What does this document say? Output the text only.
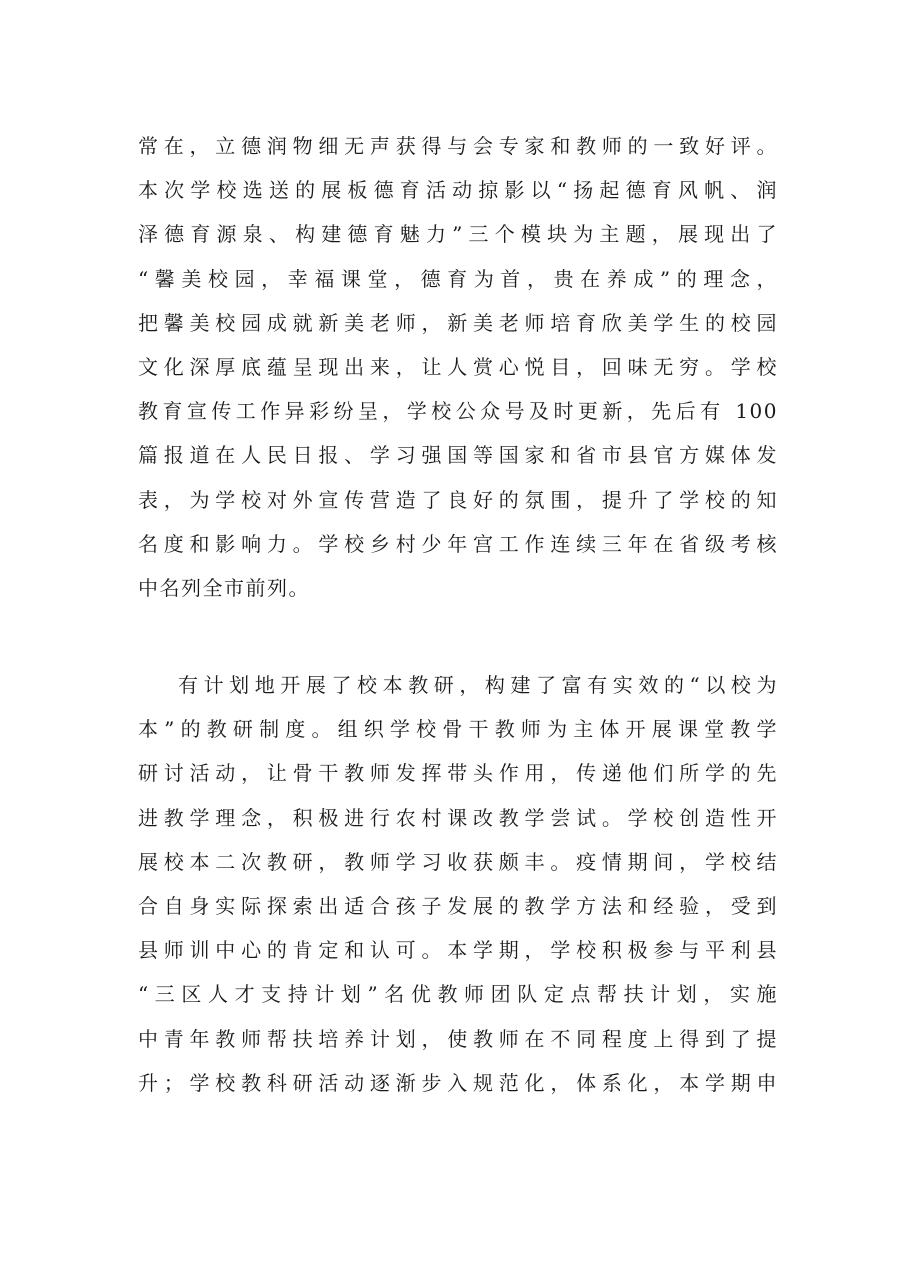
常在，立德润物细无声获得与会专家和教师的一致好评。
本次学校选送的展板德育活动掠影以“扬起德育风帆、润
泽德育源泉、构建德育魅力”三个模块为主题，展现出了
“馨美校园，幸福课堂，德育为首，贵在养成”的理念，
把馨美校园成就新美老师，新美老师培育欣美学生的校园
文化深厚底蕴呈现出来，让人赏心悦目，回味无穷。学校
教育宣传工作异彩纷呈，学校公众号及时更新，先后有 100
篇报道在人民日报、学习强国等国家和省市县官方媒体发
表，为学校对外宣传营造了良好的氛围，提升了学校的知
名度和影响力。学校乡村少年宫工作连续三年在省级考核
中名列全市前列。
有计划地开展了校本教研，构建了富有实效的“以校为
本”的教研制度。组织学校骨干教师为主体开展课堂教学
研讨活动，让骨干教师发挥带头作用，传递他们所学的先
进教学理念，积极进行农村课改教学尝试。学校创造性开
展校本二次教研，教师学习收获颇丰。疫情期间，学校结
合自身实际探索出适合孩子发展的教学方法和经验，受到
县师训中心的肯定和认可。本学期，学校积极参与平利县
“三区人才支持计划”名优教师团队定点帮扶计划，实施
中青年教师帮扶培养计划，使教师在不同程度上得到了提
升；学校教科研活动逐渐步入规范化，体系化，本学期申
